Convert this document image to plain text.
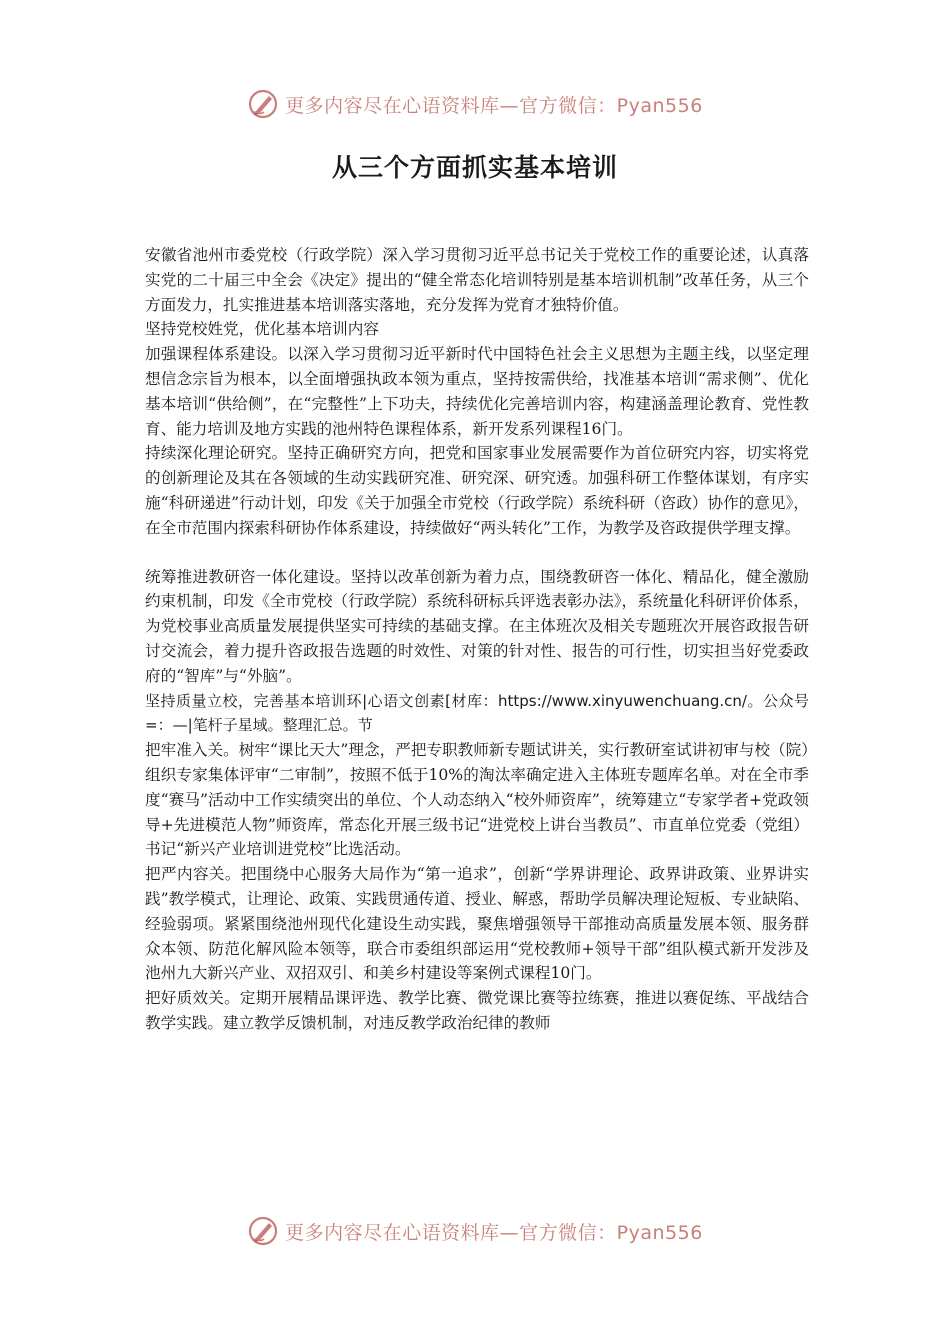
更多内容尽在心语资料库—官方微信：Pyan556
从三个方面抓实基本培训

安徽省池州市委党校（行政学院）深入学习贯彻习近平总书记关于党校工作的重要论述，认真落实党的二十届三中全会《决定》提出的“健全常态化培训特别是基本培训机制”改革任务，从三个方面发力，扎实推进基本培训落实落地，充分发挥为党育才独特价值。

坚持党校姓党，优化基本培训内容

加强课程体系建设。以深入学习贯彻习近平新时代中国特色社会主义思想为主题主线，以坚定理想信念宗旨为根本，以全面增强执政本领为重点，坚持按需供给，找准基本培训“需求侧”、优化基本培训“供给侧”，在“完整性”上下功夫，持续优化完善培训内容，构建涵盖理论教育、党性教育、能力培训及地方实践的池州特色课程体系，新开发系列课程16门。

持续深化理论研究。坚持正确研究方向，把党和国家事业发展需要作为首位研究内容，切实将党的创新理论及其在各领域的生动实践研究准、研究深、研究透。加强科研工作整体谋划，有序实施“科研递进”行动计划，印发《关于加强全市党校（行政学院）系统科研（咨政）协作的意见》，在全市范围内探索科研协作体系建设，持续做好“两头转化”工作，为教学及咨政提供学理支撑。

统筹推进教研咨一体化建设。坚持以改革创新为着力点，围绕教研咨一体化、精品化，健全激励约束机制，印发《全市党校（行政学院）系统科研标兵评选表彰办法》，系统量化科研评价体系，为党校事业高质量发展提供坚实可持续的基础支撑。在主体班次及相关专题班次开展咨政报告研讨交流会，着力提升咨政报告选题的时效性、对策的针对性、报告的可行性，切实担当好党委政府的“智库”与“外脑”。

坚持质量立校，完善基本培训环|心语文创素[材库：https://www.xinyuwenchuang.cn/。公众号=：—|笔杆子星域。整理汇总。节

把牢准入关。树牢“课比天大”理念，严把专职教师新专题试讲关，实行教研室试讲初审与校（院）组织专家集体评审“二审制”，按照不低于10%的淘汰率确定进入主体班专题库名单。对在全市季度“赛马”活动中工作实绩突出的单位、个人动态纳入“校外师资库”，统筹建立“专家学者+党政领导+先进模范人物”师资库，常态化开展三级书记“进党校上讲台当教员”、市直单位党委（党组）书记“新兴产业培训进党校”比选活动。

把严内容关。把围绕中心服务大局作为“第一追求”，创新“学界讲理论、政界讲政策、业界讲实践”教学模式，让理论、政策、实践贯通传道、授业、解惑，帮助学员解决理论短板、专业缺陷、经验弱项。紧紧围绕池州现代化建设生动实践，聚焦增强领导干部推动高质量发展本领、服务群众本领、防范化解风险本领等，联合市委组织部运用“党校教师+领导干部”组队模式新开发涉及池州九大新兴产业、双招双引、和美乡村建设等案例式课程10门。

把好质效关。定期开展精品课评选、教学比赛、微党课比赛等拉练赛，推进以赛促练、平战结合教学实践。建立教学反馈机制，对违反教学政治纪律的教师

更多内容尽在心语资料库—官方微信：Pyan556
